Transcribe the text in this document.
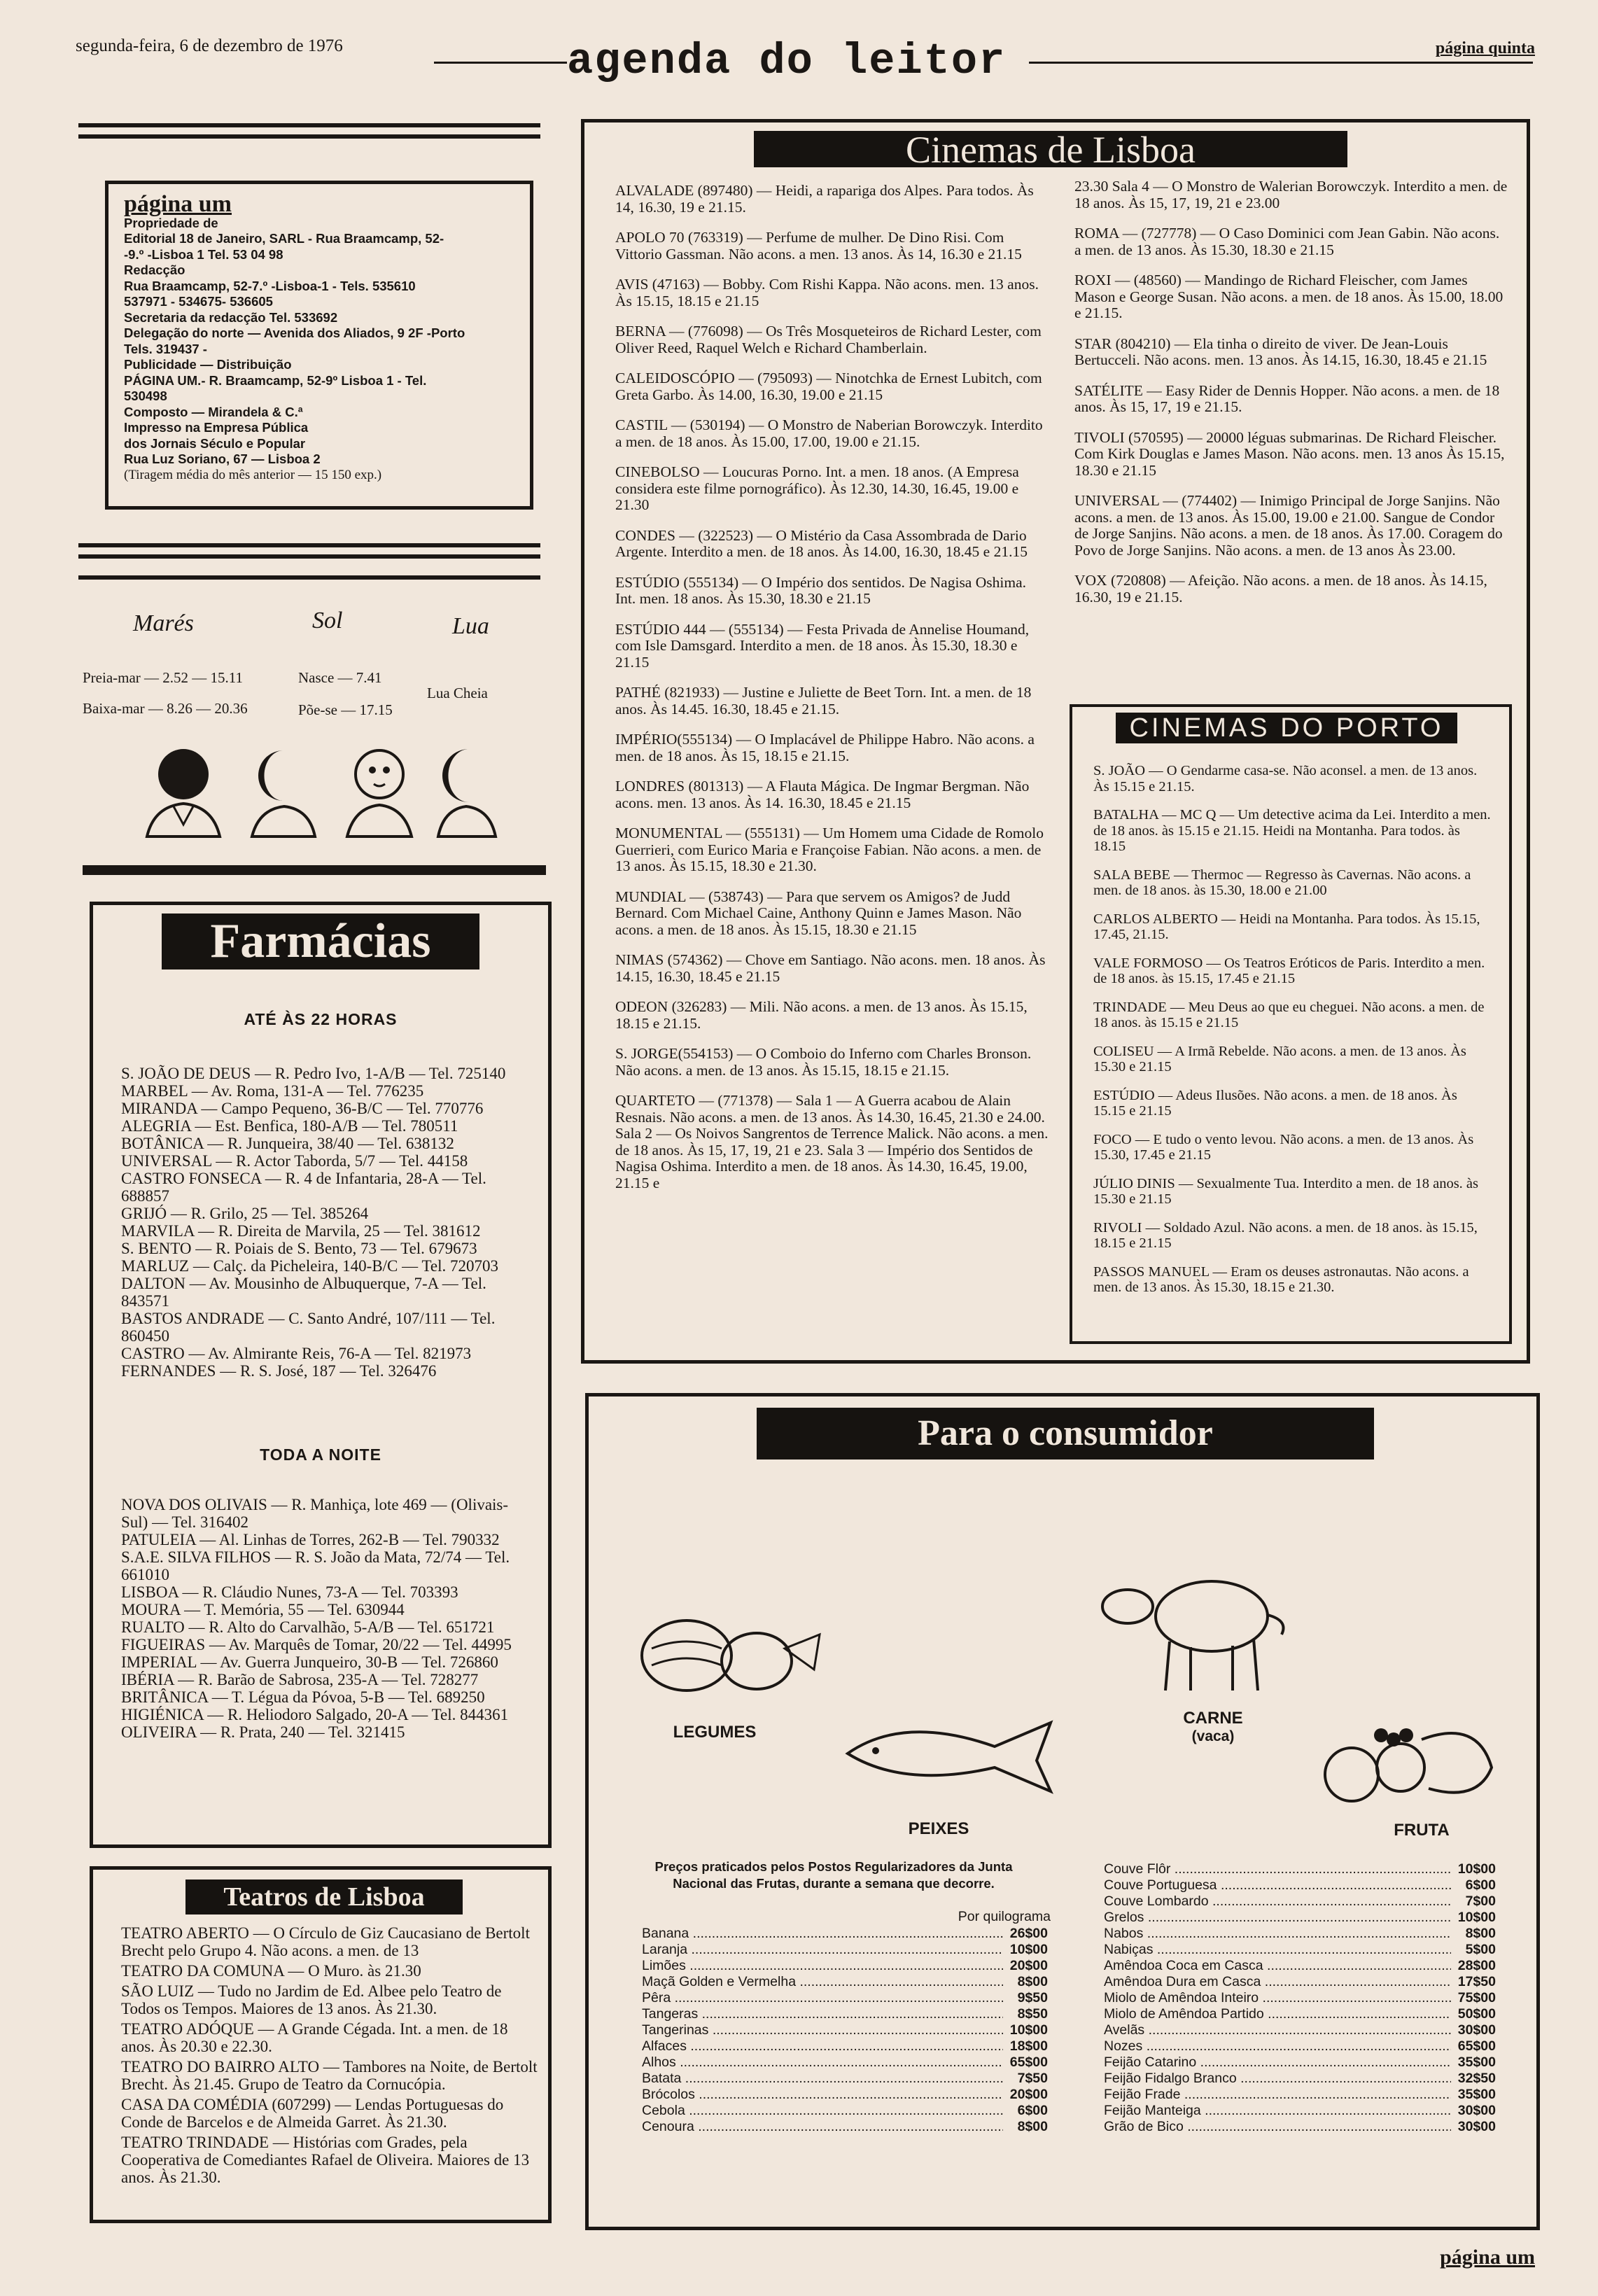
segunda-feira, 6 de dezembro de 1976	agenda do leitor	página quinta
página um
Propriedade de
Editorial 18 de Janeiro, SARL - Rua Braamcamp, 52-
-9.º -Lisboa 1 Tel. 53 04 98
Redacção
Rua Braamcamp, 52-7.º -Lisboa-1 - Tels. 535610
537971 - 534675- 536605
Secretaria da redacção Tel. 533692
Delegação do norte — Avenida dos Aliados, 9 2F -Porto
Tels. 319437 -
Publicidade — Distribuição
PÁGINA UM.- R. Braamcamp, 52-9º Lisboa 1 - Tel.
530498
Composto — Mirandela & C.ª
Impresso na Empresa Pública
dos Jornais Século e Popular
Rua Luz Soriano, 67 — Lisboa 2
(Tiragem média do mês anterior — 15 150 exp.)
Marés	Sol	Lua
Preia-mar — 2.52 — 15.11
Baixa-mar — 8.26 — 20.36
Nasce — 7.41
Põe-se — 17.15
Lua Cheia
Farmácias
ATÉ ÀS 22 HORAS
S. JOÃO DE DEUS — R. Pedro Ivo, 1-A/B — Tel. 725140
MARBEL — Av. Roma, 131-A — Tel. 776235
MIRANDA — Campo Pequeno, 36-B/C — Tel. 770776
ALEGRIA — Est. Benfica, 180-A/B — Tel. 780511
BOTÂNICA — R. Junqueira, 38/40 — Tel. 638132
UNIVERSAL — R. Actor Taborda, 5/7 — Tel. 44158
CASTRO FONSECA — R. 4 de Infantaria, 28-A — Tel. 688857
GRIJÓ — R. Grilo, 25 — Tel. 385264
MARVILA — R. Direita de Marvila, 25 — Tel. 381612
S. BENTO — R. Poiais de S. Bento, 73 — Tel. 679673
MARLUZ — Calç. da Picheleira, 140-B/C — Tel. 720703
DALTON — Av. Mousinho de Albuquerque, 7-A — Tel. 843571
BASTOS ANDRADE — C. Santo André, 107/111 — Tel. 860450
CASTRO — Av. Almirante Reis, 76-A — Tel. 821973
FERNANDES — R. S. José, 187 — Tel. 326476
TODA A NOITE
NOVA DOS OLIVAIS — R. Manhiça, lote 469 — (Olivais-Sul) — Tel. 316402
PATULEIA — Al. Linhas de Torres, 262-B — Tel. 790332
S.A.E. SILVA FILHOS — R. S. João da Mata, 72/74 — Tel. 661010
LISBOA — R. Cláudio Nunes, 73-A — Tel. 703393
MOURA — T. Memória, 55 — Tel. 630944
RUALTO — R. Alto do Carvalhão, 5-A/B — Tel. 651721
FIGUEIRAS — Av. Marquês de Tomar, 20/22 — Tel. 44995
IMPERIAL — Av. Guerra Junqueiro, 30-B — Tel. 726860
IBÉRIA — R. Barão de Sabrosa, 235-A — Tel. 728277
BRITÂNICA — T. Légua da Póvoa, 5-B — Tel. 689250
HIGIÉNICA — R. Heliodoro Salgado, 20-A — Tel. 844361
OLIVEIRA — R. Prata, 240 — Tel. 321415
Teatros de Lisboa
TEATRO ABERTO — O Círculo de Giz Caucasiano de Bertolt Brecht pelo Grupo 4. Não acons. a men. de 13
TEATRO DA COMUNA — O Muro. às 21.30
SÃO LUIZ — Tudo no Jardim de Ed. Albee pelo Teatro de Todos os Tempos. Maiores de 13 anos. Às 21.30.
TEATRO ADÓQUE — A Grande Cégada. Int. a men. de 18 anos. Às 20.30 e 22.30.
TEATRO DO BAIRRO ALTO — Tambores na Noite, de Bertolt Brecht. Às 21.45. Grupo de Teatro da Cornucópia.
CASA DA COMÉDIA (607299) — Lendas Portuguesas do Conde de Barcelos e de Almeida Garret. Às 21.30.
TEATRO TRINDADE — Histórias com Grades, pela Cooperativa de Comediantes Rafael de Oliveira. Maiores de 13 anos. Às 21.30.
Cinemas de Lisboa

ALVALADE (897480) — Heidi, a rapariga dos Alpes. Para todos. Às 14, 16.30, 19 e 21.15.

APOLO 70 (763319) — Perfume de mulher. De Dino Risi. Com Vittorio Gassman. Não acons. a men. 13 anos. Às 14, 16.30 e 21.15

AVIS (47163) — Bobby. Com Rishi Kappa. Não acons. men. 13 anos. Às 15.15, 18.15 e 21.15

BERNA — (776098) — Os Três Mosqueteiros de Richard Lester, com Oliver Reed, Raquel Welch e Richard Chamberlain.

CALEIDOSCÓPIO — (795093) — Ninotchka de Ernest Lubitch, com Greta Garbo. Às 14.00, 16.30, 19.00 e 21.15

CASTIL — (530194) — O Monstro de Naberian Borowczyk. Interdito a men. de 18 anos. Às 15.00, 17.00, 19.00 e 21.15.

CINEBOLSO — Loucuras Porno. Int. a men. 18 anos. (A Empresa considera este filme pornográfico). Às 12.30, 14.30, 16.45, 19.00 e 21.30

CONDES — (322523) — O Mistério da Casa Assombrada de Dario Argente. Interdito a men. de 18 anos. Às 14.00, 16.30, 18.45 e 21.15

ESTÚDIO (555134) — O Império dos sentidos. De Nagisa Oshima. Int. men. 18 anos. Às 15.30, 18.30 e 21.15

ESTÚDIO 444 — (555134) — Festa Privada de Annelise Houmand, com Isle Damsgard. Interdito a men. de 18 anos. Às 15.30, 18.30 e 21.15

PATHÉ (821933) — Justine e Juliette de Beet Torn. Int. a men. de 18 anos. Às 14.45. 16.30, 18.45 e 21.15.

IMPÉRIO(555134) — O Implacável de Philippe Habro. Não acons. a men. de 18 anos. Às 15, 18.15 e 21.15.

LONDRES (801313) — A Flauta Mágica. De Ingmar Bergman. Não acons. men. 13 anos. Às 14. 16.30, 18.45 e 21.15

MONUMENTAL — (555131) — Um Homem uma Cidade de Romolo Guerrieri, com Eurico Maria e Françoise Fabian. Não acons. a men. de 13 anos. Às 15.15, 18.30 e 21.30.

MUNDIAL — (538743) — Para que servem os Amigos? de Judd Bernard. Com Michael Caine, Anthony Quinn e James Mason. Não acons. a men. de 18 anos. Às 15.15, 18.30 e 21.15

NIMAS (574362) — Chove em Santiago. Não acons. men. 18 anos. Às 14.15, 16.30, 18.45 e 21.15

ODEON (326283) — Mili. Não acons. a men. de 13 anos. Às 15.15, 18.15 e 21.15.

S. JORGE(554153) — O Comboio do Inferno com Charles Bronson. Não acons. a men. de 13 anos. Às 15.15, 18.15 e 21.15.

QUARTETO — (771378) — Sala 1 — A Guerra acabou de Alain Resnais. Não acons. a men. de 13 anos. Às 14.30, 16.45, 21.30 e 24.00. Sala 2 — Os Noivos Sangrentos de Terrence Malick. Não acons. a men. de 18 anos. Às 15, 17, 19, 21 e 23. Sala 3 — Império dos Sentidos de Nagisa Oshima. Interdito a men. de 18 anos. Às 14.30, 16.45, 19.00, 21.15 e

23.30 Sala 4 — O Monstro de Walerian Borowczyk. Interdito a men. de 18 anos. Às 15, 17, 19, 21 e 23.00

ROMA — (727778) — O Caso Dominici com Jean Gabin. Não acons. a men. de 13 anos. Às 15.30, 18.30 e 21.15

ROXI — (48560) — Mandingo de Richard Fleischer, com James Mason e George Susan. Não acons. a men. de 18 anos. Às 15.00, 18.00 e 21.15.

STAR (804210) — Ela tinha o direito de viver. De Jean-Louis Bertucceli. Não acons. men. 13 anos. Às 14.15, 16.30, 18.45 e 21.15

SATÉLITE — Easy Rider de Dennis Hopper. Não acons. a men. de 18 anos. Às 15, 17, 19 e 21.15.

TIVOLI (570595) — 20000 léguas submarinas. De Richard Fleischer. Com Kirk Douglas e James Mason. Não acons. men. 13 anos Às 15.15, 18.30 e 21.15

UNIVERSAL — (774402) — Inimigo Principal de Jorge Sanjins. Não acons. a men. de 13 anos. Às 15.00, 19.00 e 21.00. Sangue de Condor de Jorge Sanjins. Não acons. a men. de 18 anos. Às 17.00. Coragem do Povo de Jorge Sanjins. Não acons. a men. de 13 anos Às 23.00.

VOX (720808) — Afeição. Não acons. a men. de 18 anos. Às 14.15, 16.30, 19 e 21.15.

CINEMAS DO PORTO

S. JOÃO — O Gendarme casa-se. Não aconsel. a men. de 13 anos. Às 15.15 e 21.15.

BATALHA — MC Q — Um detective acima da Lei. Interdito a men. de 18 anos. às 15.15 e 21.15. Heidi na Montanha. Para todos. às 18.15

SALA BEBE — Thermoc — Regresso às Cavernas. Não acons. a men. de 18 anos. às 15.30, 18.00 e 21.00

CARLOS ALBERTO — Heidi na Montanha. Para todos. Às 15.15, 17.45, 21.15.

VALE FORMOSO — Os Teatros Eróticos de Paris. Interdito a men. de 18 anos. às 15.15, 17.45 e 21.15

TRINDADE — Meu Deus ao que eu cheguei. Não acons. a men. de 18 anos. às 15.15 e 21.15

COLISEU — A Irmã Rebelde. Não acons. a men. de 13 anos. Às 15.30 e 21.15

ESTÚDIO — Adeus Ilusões. Não acons. a men. de 18 anos. Às 15.15 e 21.15

FOCO — E tudo o vento levou. Não acons. a men. de 13 anos. Às 15.30, 17.45 e 21.15

JÚLIO DINIS — Sexualmente Tua. Interdito a men. de 18 anos. às 15.30 e 21.15

RIVOLI — Soldado Azul. Não acons. a men. de 18 anos. às 15.15, 18.15 e 21.15

PASSOS MANUEL — Eram os deuses astronautas. Não acons. a men. de 13 anos. Às 15.30, 18.15 e 21.30.

Para o consumidor
LEGUMES
CARNE
(vaca)
PEIXES	FRUTA
Preços praticados pelos Postos Regularizadores da Junta Nacional das Frutas, durante a semana que decorre.
Por quilograma
Banana .....	26$00
Laranja .....	10$00
Limões .....	20$00
Maçã Golden e Vermelha .....	8$00
Pêra .....	9$50
Tangeras .....	8$50
Tangerinas .....	10$00
Alfaces .....	18$00
Alhos .....	65$00
Batata .....	7$50
Brócolos .....	20$00
Cebola .....	6$00
Cenoura .....	8$00
Couve Flôr .....	10$00
Couve Portuguesa .....	6$00
Couve Lombardo .....	7$00
Grelos .....	10$00
Nabos .....	8$00
Nabiças .....	5$00
Amêndoa Coca em Casca .....	28$00
Amêndoa Dura em Casca .....	17$50
Miolo de Amêndoa Inteiro .....	75$00
Miolo de Amêndoa Partido .....	50$00
Avelãs .....	30$00
Nozes .....	65$00
Feijão Catarino .....	35$00
Feijão Fidalgo Branco .....	32$50
Feijão Frade .....	35$00
Feijão Manteiga .....	30$00
Grão de Bico .....	30$00
página um
